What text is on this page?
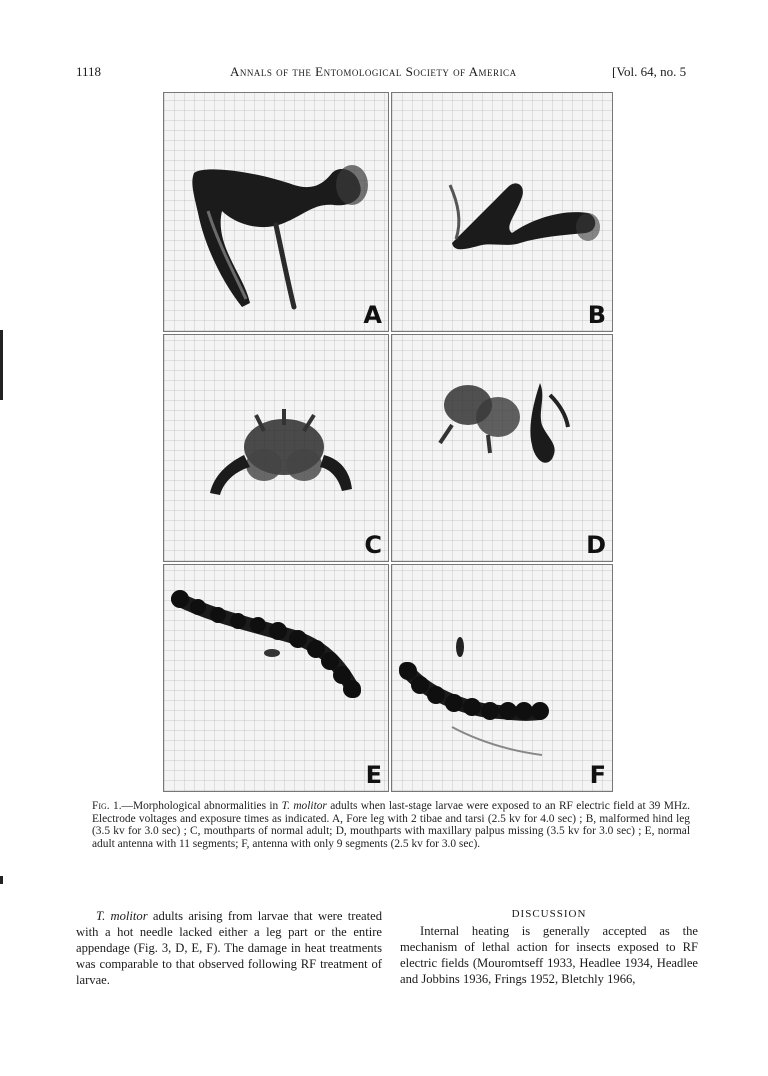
1118	Annals of the Entomological Society of America	[Vol. 64, no. 5
A	B
C	D
E	F
Fig. 1.—Morphological abnormalities in T. molitor adults when last-stage larvae were exposed to an RF electric field at 39 MHz. Electrode voltages and exposure times as indicated. A, Fore leg with 2 tibae and tarsi (2.5 kv for 4.0 sec) ; B, malformed hind leg (3.5 kv for 3.0 sec) ; C, mouthparts of normal adult; D, mouthparts with maxillary palpus missing (3.5 kv for 3.0 sec) ; E, normal adult antenna with 11 segments; F, antenna with only 9 segments (2.5 kv for 3.0 sec).
T. molitor adults arising from larvae that were treated with a hot needle lacked either a leg part or the entire appendage (Fig. 3, D, E, F). The damage in heat treatments was comparable to that observed following RF treatment of larvae.
DISCUSSION
Internal heating is generally accepted as the mechanism of lethal action for insects exposed to RF electric fields (Mouromtseff 1933, Headlee 1934, Headlee and Jobbins 1936, Frings 1952, Bletchly 1966,
